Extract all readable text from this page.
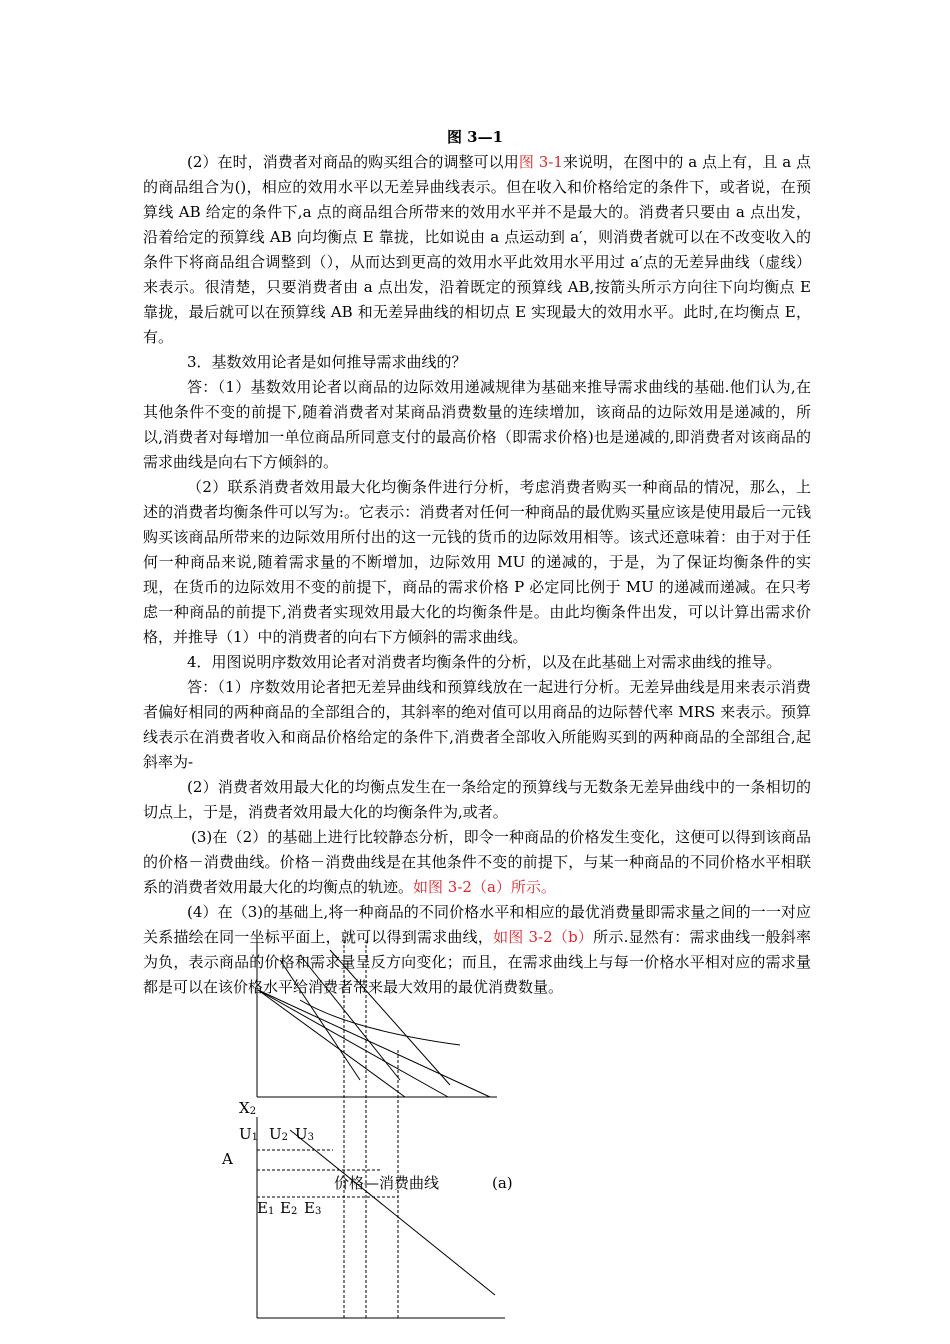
图 3—1
X2
U1 U2 U3
A
价格—消费曲线	(a)
E1 E2 E3

(2）在时，消费者对商品的购买组合的调整可以用图 3-1来说明，在图中的 a 点上有，且 a 点的商品组合为()，相应的效用水平以无差异曲线表示。但在收入和价格给定的条件下，或者说，在预算线 AB 给定的条件下,a 点的商品组合所带来的效用水平并不是最大的。消费者只要由 a 点出发，沿着给定的预算线 AB 向均衡点 E 靠拢，比如说由 a 点运动到 a′，则消费者就可以在不改变收入的条件下将商品组合调整到（），从而达到更高的效用水平此效用水平用过 a′点的无差异曲线（虚线）来表示。很清楚，只要消费者由 a 点出发，沿着既定的预算线 AB,按箭头所示方向往下向均衡点 E 靠拢，最后就可以在预算线 AB 和无差异曲线的相切点 E 实现最大的效用水平。此时,在均衡点 E，有。

3．基数效用论者是如何推导需求曲线的？

答：（1）基数效用论者以商品的边际效用递减规律为基础来推导需求曲线的基础.他们认为,在其他条件不变的前提下,随着消费者对某商品消费数量的连续增加，该商品的边际效用是递减的，所以,消费者对每增加一单位商品所同意支付的最高价格（即需求价格)也是递减的,即消费者对该商品的需求曲线是向右下方倾斜的。

（2）联系消费者效用最大化均衡条件进行分析，考虑消费者购买一种商品的情况，那么，上述的消费者均衡条件可以写为:。它表示：消费者对任何一种商品的最优购买量应该是使用最后一元钱购买该商品所带来的边际效用所付出的这一元钱的货币的边际效用相等。该式还意味着：由于对于任何一种商品来说,随着需求量的不断增加，边际效用 MU 的递减的，于是，为了保证均衡条件的实现，在货币的边际效用不变的前提下，商品的需求价格 P 必定同比例于 MU 的递减而递减。在只考虑一种商品的前提下,消费者实现效用最大化的均衡条件是。由此均衡条件出发，可以计算出需求价格，并推导（1）中的消费者的向右下方倾斜的需求曲线。

4．用图说明序数效用论者对消费者均衡条件的分析，以及在此基础上对需求曲线的推导。

答：（1）序数效用论者把无差异曲线和预算线放在一起进行分析。无差异曲线是用来表示消费者偏好相同的两种商品的全部组合的，其斜率的绝对值可以用商品的边际替代率 MRS 来表示。预算线表示在消费者收入和商品价格给定的条件下,消费者全部收入所能购买到的两种商品的全部组合,起斜率为-

(2）消费者效用最大化的均衡点发生在一条给定的预算线与无数条无差异曲线中的一条相切的切点上，于是，消费者效用最大化的均衡条件为,或者。

(3)在（2）的基础上进行比较静态分析，即令一种商品的价格发生变化，这便可以得到该商品的价格－消费曲线。价格－消费曲线是在其他条件不变的前提下，与某一种商品的不同价格水平相联系的消费者效用最大化的均衡点的轨迹。如图 3-2（a）所示。

(4）在（3)的基础上,将一种商品的不同价格水平和相应的最优消费量即需求量之间的一一对应关系描绘在同一坐标平面上，就可以得到需求曲线，如图 3-2（b）所示.显然有：需求曲线一般斜率为负，表示商品的价格和需求量呈反方向变化；而且，在需求曲线上与每一价格水平相对应的需求量都是可以在该价格水平给消费者带来最大效用的最优消费数量。
